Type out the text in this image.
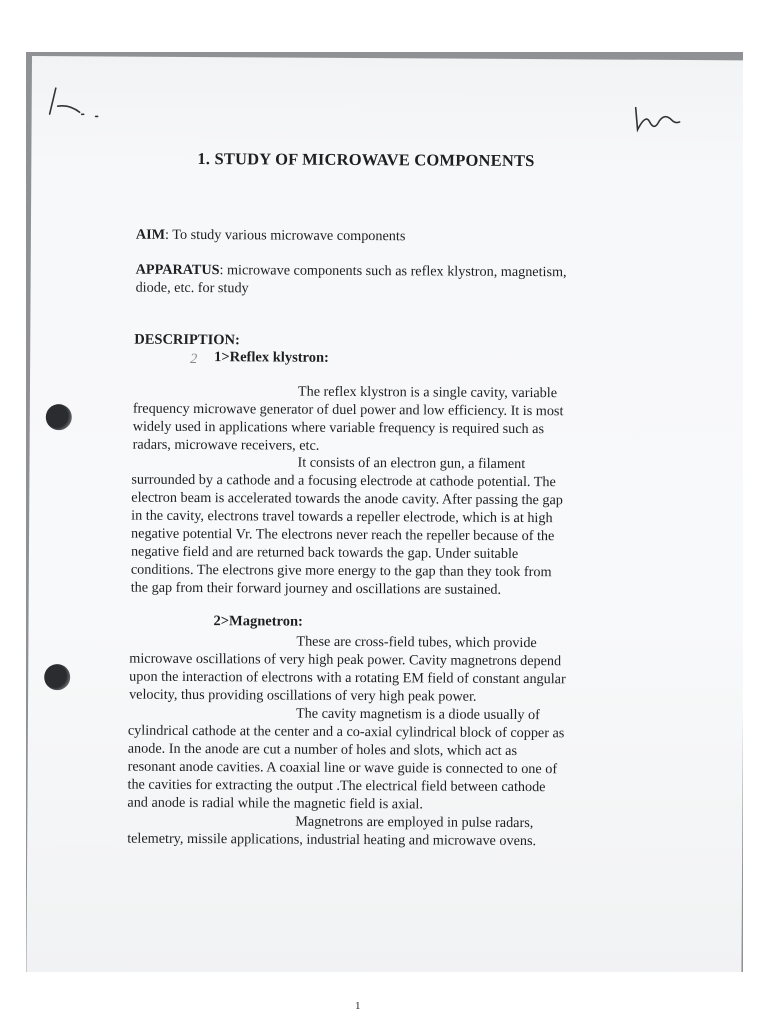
1. STUDY OF MICROWAVE COMPONENTS
AIM: To study various microwave components
APPARATUS: microwave components such as reflex klystron, magnetism,
diode, etc. for study
DESCRIPTION:
2 1>Reflex klystron:
The reflex klystron is a single cavity, variable
frequency microwave generator of duel power and low efficiency. It is most
widely used in applications where variable frequency is required such as
radars, microwave receivers, etc.
It consists of an electron gun, a filament
surrounded by a cathode and a focusing electrode at cathode potential. The
electron beam is accelerated towards the anode cavity. After passing the gap
in the cavity, electrons travel towards a repeller electrode, which is at high
negative potential Vr. The electrons never reach the repeller because of the
negative field and are returned back towards the gap. Under suitable
conditions. The electrons give more energy to the gap than they took from
the gap from their forward journey and oscillations are sustained.
2>Magnetron:
These are cross-field tubes, which provide
microwave oscillations of very high peak power. Cavity magnetrons depend
upon the interaction of electrons with a rotating EM field of constant angular
velocity, thus providing oscillations of very high peak power.
The cavity magnetism is a diode usually of
cylindrical cathode at the center and a co-axial cylindrical block of copper as
anode. In the anode are cut a number of holes and slots, which act as
resonant anode cavities. A coaxial line or wave guide is connected to one of
the cavities for extracting the output .The electrical field between cathode
and anode is radial while the magnetic field is axial.
Magnetrons are employed in pulse radars,
telemetry, missile applications, industrial heating and microwave ovens.
1
